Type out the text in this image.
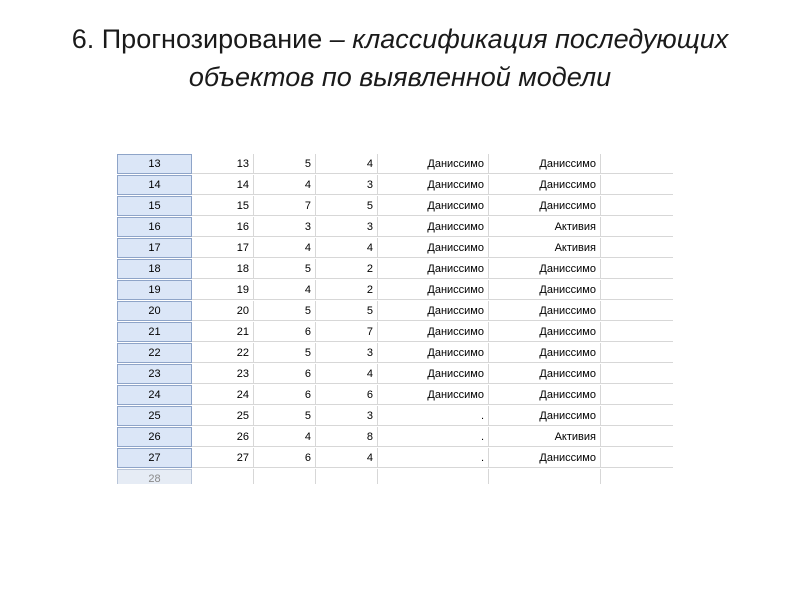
6. Прогнозирование – классификация последующих объектов по выявленной модели
13	13	5	4	Даниссимо	Даниссимо
14	14	4	3	Даниссимо	Даниссимо
15	15	7	5	Даниссимо	Даниссимо
16	16	3	3	Даниссимо	Активия
17	17	4	4	Даниссимо	Активия
18	18	5	2	Даниссимо	Даниссимо
19	19	4	2	Даниссимо	Даниссимо
20	20	5	5	Даниссимо	Даниссимо
21	21	6	7	Даниссимо	Даниссимо
22	22	5	3	Даниссимо	Даниссимо
23	23	6	4	Даниссимо	Даниссимо
24	24	6	6	Даниссимо	Даниссимо
25	25	5	3	.	Даниссимо
26	26	4	8	.	Активия
27	27	6	4	.	Даниссимо
28
